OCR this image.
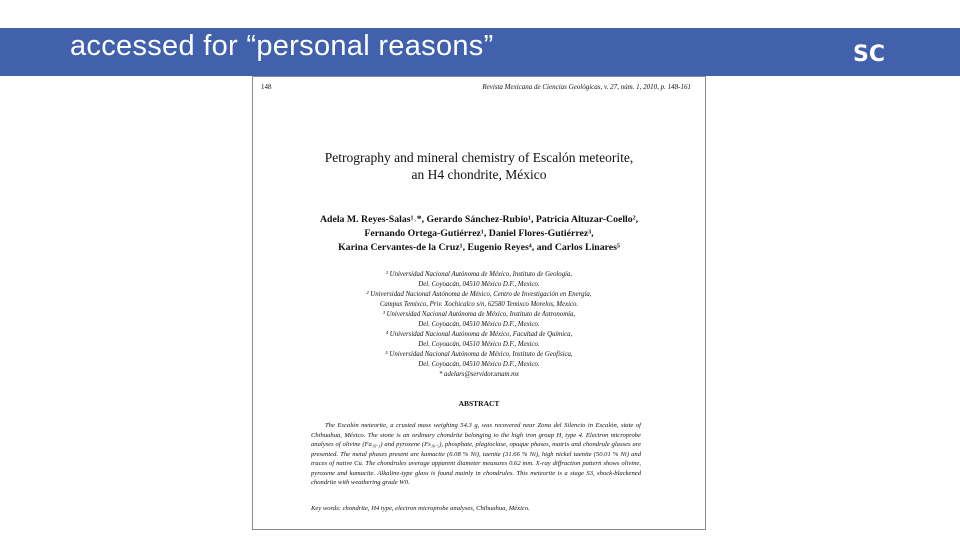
accessed for “personal reasons”	SC
148	Revista Mexicana de Ciencias Geológicas, v. 27, núm. 1, 2010, p. 148-161
Petrography and mineral chemistry of Escalón meteorite,
an H4 chondrite, México
Adela M. Reyes-Salas¹˒*, Gerardo Sánchez-Rubio¹, Patricia Altuzar-Coello²,
Fernando Ortega-Gutiérrez¹, Daniel Flores-Gutiérrez³,
Karina Cervantes-de la Cruz¹, Eugenio Reyes⁴, and Carlos Linares⁵
¹ Universidad Nacional Autónoma de México, Instituto de Geología,
Del. Coyoacán, 04510 México D.F., Mexico.
² Universidad Nacional Autónoma de México, Centro de Investigación en Energía,
Campus Temixco, Priv. Xochicalco s/n, 62580 Temixco Morelos, Mexico.
³ Universidad Nacional Autónoma de México, Instituto de Astronomía,
Del. Coyoacán, 04510 México D.F., Mexico.
⁴ Universidad Nacional Autónoma de México, Facultad de Química,
Del. Coyoacán, 04510 México D.F., Mexico.
⁵ Universidad Nacional Autónoma de México, Instituto de Geofísica,
Del. Coyoacán, 04510 México D.F., Mexico.
* adelars@servidor.unam.mx
ABSTRACT
The Escalón meteorite, a crusted mass weighing 54.3 g, was recovered near Zona del Silencio in Escalón, state of Chihuahua, México. The stone is an ordinary chondrite belonging to the high iron group H, type 4. Electron microprobe analyses of olivine (Fa₁₉.₁) and pyroxene (Fs₁₆.₅), phosphate, plagioclase, opaque phases, matrix and chondrule glasses are presented. The metal phases present are kamacite (6.08 % Ni), taenite (31.66 % Ni), high nickel taenite (50.01 % Ni) and traces of native Cu. The chondrules average apparent diameter measures 0.62 mm. X-ray diffraction pattern shows olivine, pyroxene and kamacite. Alkaline-type glass is found mainly in chondrules. This meteorite is a stage S3, shock-blackened chondrite with weathering grade W0.
Key words: chondrite, H4 type, electron microprobe analyses, Chihuahua, México.
